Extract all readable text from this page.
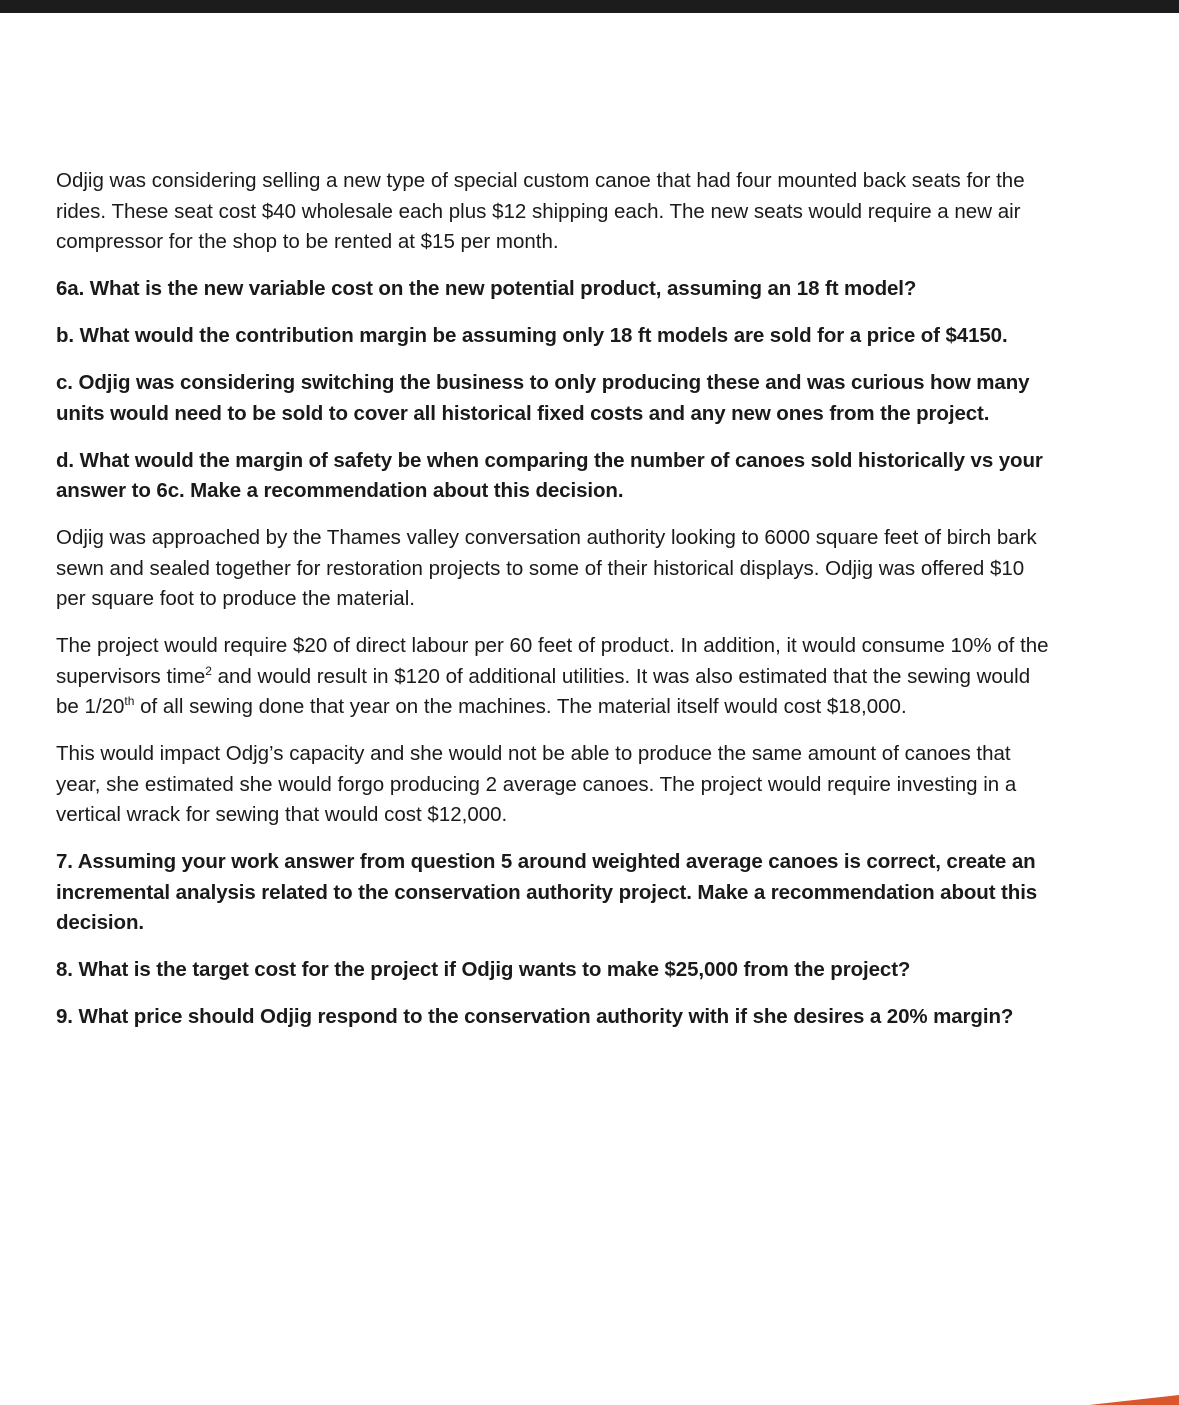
Odjig was considering selling a new type of special custom canoe that had four mounted back seats for the rides. These seat cost $40 wholesale each plus $12 shipping each. The new seats would require a new air compressor for the shop to be rented at $15 per month.

6a. What is the new variable cost on the new potential product, assuming an 18 ft model?

b. What would the contribution margin be assuming only 18 ft models are sold for a price of $4150.

c. Odjig was considering switching the business to only producing these and was curious how many units would need to be sold to cover all historical fixed costs and any new ones from the project.

d. What would the margin of safety be when comparing the number of canoes sold historically vs your answer to 6c. Make a recommendation about this decision.

Odjig was approached by the Thames valley conversation authority looking to 6000 square feet of birch bark sewn and sealed together for restoration projects to some of their historical displays. Odjig was offered $10 per square foot to produce the material.

The project would require $20 of direct labour per 60 feet of product. In addition, it would consume 10% of the supervisors time$^2$ and would result in $120 of additional utilities. It was also estimated that the sewing would be 1/20th of all sewing done that year on the machines. The material itself would cost $18,000.

This would impact Odjg’s capacity and she would not be able to produce the same amount of canoes that year, she estimated she would forgo producing 2 average canoes. The project would require investing in a vertical wrack for sewing that would cost $12,000.

7. Assuming your work answer from question 5 around weighted average canoes is correct, create an incremental analysis related to the conservation authority project. Make a recommendation about this decision.

8. What is the target cost for the project if Odjig wants to make $25,000 from the project?

9. What price should Odjig respond to the conservation authority with if she desires a 20% margin?
